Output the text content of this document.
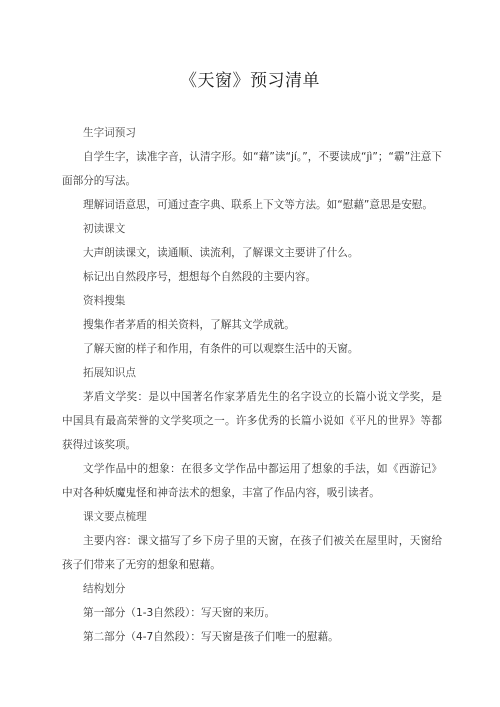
《天窗》预习清单

生字词预习

自学生字，读准字音，认清字形。如“藉”读“jí。”，不要读成“jì”；“霸”注意下面部分的写法。

理解词语意思，可通过查字典、联系上下文等方法。如“慰藉”意思是安慰。

初读课文

大声朗读课文，读通顺、读流利，了解课文主要讲了什么。

标记出自然段序号，想想每个自然段的主要内容。

资料搜集

搜集作者茅盾的相关资料，了解其文学成就。

了解天窗的样子和作用，有条件的可以观察生活中的天窗。

拓展知识点

茅盾文学奖：是以中国著名作家茅盾先生的名字设立的长篇小说文学奖，是中国具有最高荣誉的文学奖项之一。许多优秀的长篇小说如《平凡的世界》等都获得过该奖项。

文学作品中的想象：在很多文学作品中都运用了想象的手法，如《西游记》中对各种妖魔鬼怪和神奇法术的想象，丰富了作品内容，吸引读者。

课文要点梳理

主要内容：课文描写了乡下房子里的天窗，在孩子们被关在屋里时，天窗给孩子们带来了无穷的想象和慰藉。

结构划分

第一部分（1-3自然段）：写天窗的来历。

第二部分（4-7自然段）：写天窗是孩子们唯一的慰藉。
